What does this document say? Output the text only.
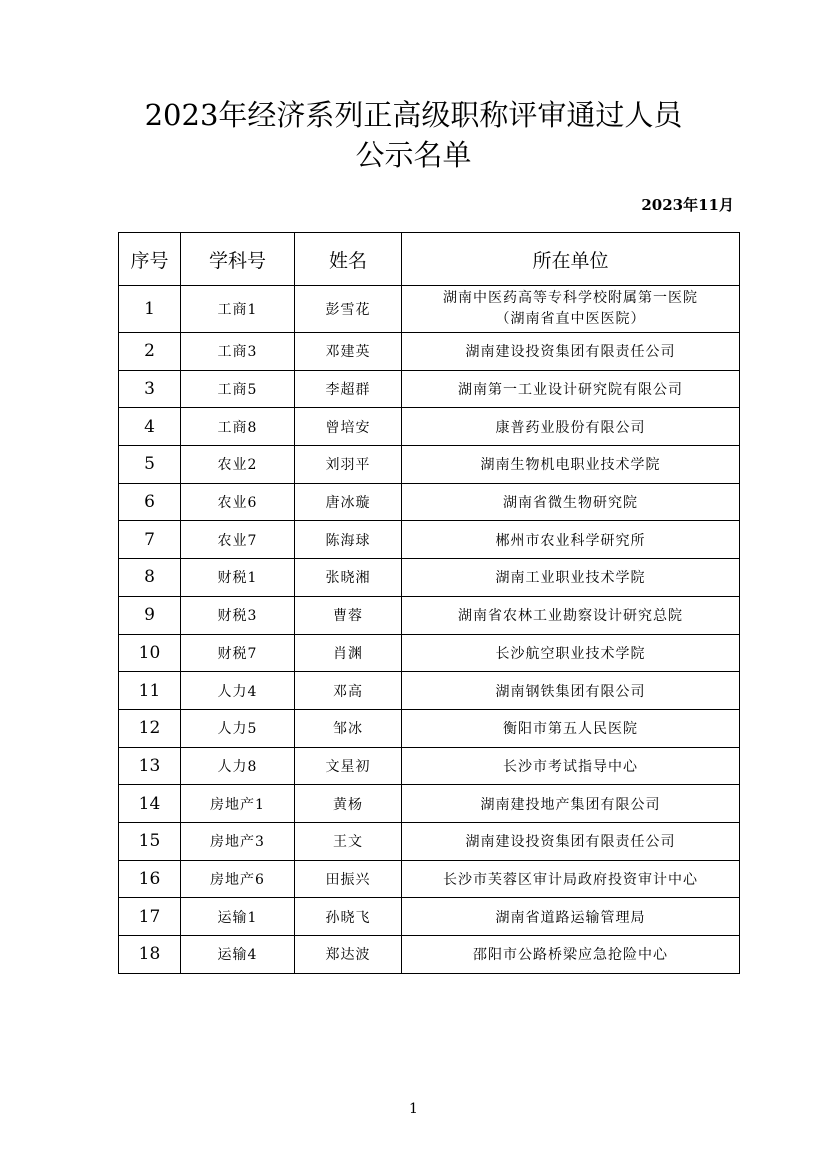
2023年经济系列正高级职称评审通过人员
公示名单
2023年11月
序号	学科号	姓名	所在单位
1	工商1	彭雪花	湖南中医药高等专科学校附属第一医院
（湖南省直中医医院）

2	工商3	邓建英	湖南建设投资集团有限责任公司
3	工商5	李超群	湖南第一工业设计研究院有限公司
4	工商8	曾培安	康普药业股份有限公司
5	农业2	刘羽平	湖南生物机电职业技术学院
6	农业6	唐冰璇	湖南省微生物研究院
7	农业7	陈海球	郴州市农业科学研究所
8	财税1	张晓湘	湖南工业职业技术学院
9	财税3	曹蓉	湖南省农林工业勘察设计研究总院
10	财税7	肖渊	长沙航空职业技术学院
11	人力4	邓高	湖南钢铁集团有限公司
12	人力5	邹冰	衡阳市第五人民医院
13	人力8	文星初	长沙市考试指导中心
14	房地产1	黄杨	湖南建投地产集团有限公司
15	房地产3	王文	湖南建设投资集团有限责任公司
16	房地产6	田振兴	长沙市芙蓉区审计局政府投资审计中心
17	运输1	孙晓飞	湖南省道路运输管理局
18	运输4	郑达波	邵阳市公路桥梁应急抢险中心
1
